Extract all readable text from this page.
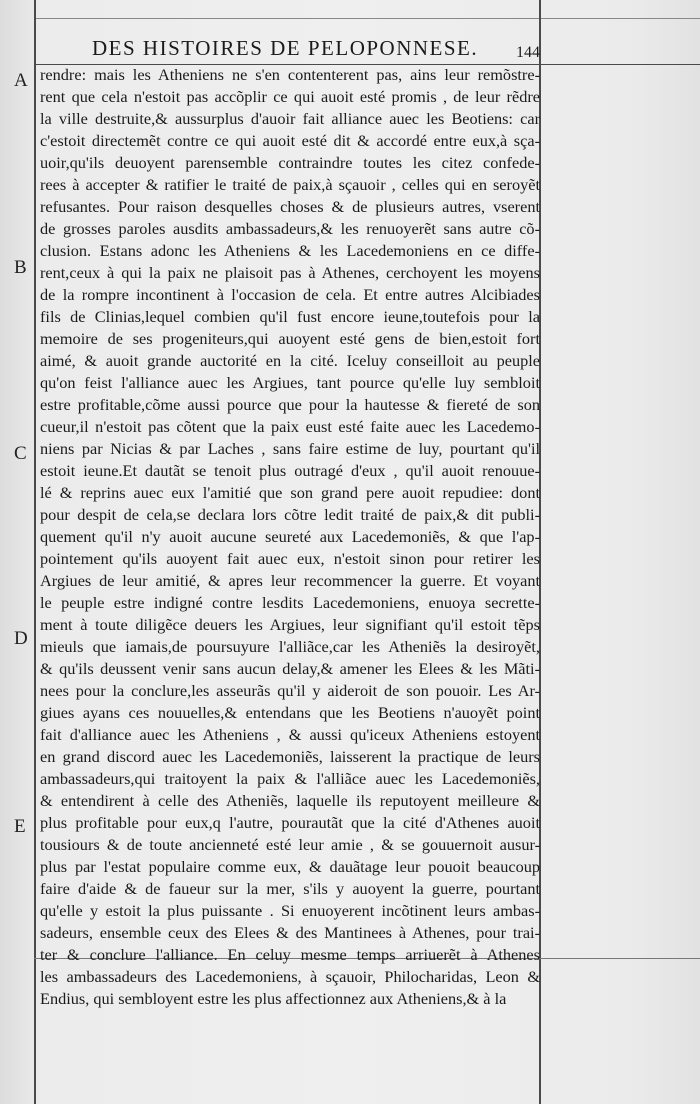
DES HISTOIRES DE PELOPONNESE. 144
A
B
C
D
E
rendre: mais les Atheniens ne s'en contenterent pas, ains leur remõstre-
rent que cela n'estoit pas accõplir ce qui auoit esté promis , de leur rẽdre
la ville destruite,& aussurplus d'auoir fait alliance auec les Beotiens: car
c'estoit directemẽt contre ce qui auoit esté dit & accordé entre eux,à sça-
uoir,qu'ils deuoyent parensemble contraindre toutes les citez confede-
rees à accepter & ratifier le traité de paix,à sçauoir , celles qui en seroyẽt
refusantes. Pour raison desquelles choses & de plusieurs autres, vserent
de grosses paroles ausdits ambassadeurs,& les renuoyerẽt sans autre cõ-
clusion. Estans adonc les Atheniens & les Lacedemoniens en ce diffe-
rent,ceux à qui la paix ne plaisoit pas à Athenes, cerchoyent les moyens
de la rompre incontinent à l'occasion de cela. Et entre autres Alcibiades
fils de Clinias,lequel combien qu'il fust encore ieune,toutefois pour la
memoire de ses progeniteurs,qui auoyent esté gens de bien,estoit fort
aimé, & auoit grande auctorité en la cité. Iceluy conseilloit au peuple
qu'on feist l'alliance auec les Argiues, tant pource qu'elle luy sembloit
estre profitable,cõme aussi pource que pour la hautesse & fiereté de son
cueur,il n'estoit pas cõtent que la paix eust esté faite auec les Lacedemo-
niens par Nicias & par Laches , sans faire estime de luy, pourtant qu'il
estoit ieune.Et dautãt se tenoit plus outragé d'eux , qu'il auoit renouue-
lé & reprins auec eux l'amitié que son grand pere auoit repudiee: dont
pour despit de cela,se declara lors cõtre ledit traité de paix,& dit publi-
quement qu'il n'y auoit aucune seureté aux Lacedemoniẽs, & que l'ap-
pointement qu'ils auoyent fait auec eux, n'estoit sinon pour retirer les
Argiues de leur amitié, & apres leur recommencer la guerre. Et voyant
le peuple estre indigné contre lesdits Lacedemoniens, enuoya secrette-
ment à toute diligẽce deuers les Argiues, leur signifiant qu'il estoit tẽps
mieuls que iamais,de poursuyure l'alliãce,car les Atheniẽs la desiroyẽt,
& qu'ils deussent venir sans aucun delay,& amener les Elees & les Mãti-
nees pour la conclure,les asseurãs qu'il y aideroit de son pouoir. Les Ar-
giues ayans ces nouuelles,& entendans que les Beotiens n'auoyẽt point
fait d'alliance auec les Atheniens , & aussi qu'iceux Atheniens estoyent
en grand discord auec les Lacedemoniẽs, laisserent la practique de leurs
ambassadeurs,qui traitoyent la paix & l'alliãce auec les Lacedemoniẽs,
& entendirent à celle des Atheniẽs, laquelle ils reputoyent meilleure &
plus profitable pour eux,q l'autre, pourautãt que la cité d'Athenes auoit
tousiours & de toute ancienneté esté leur amie , & se gouuernoit ausur-
plus par l'estat populaire comme eux, & dauãtage leur pouoit beaucoup
faire d'aide & de faueur sur la mer, s'ils y auoyent la guerre, pourtant
qu'elle y estoit la plus puissante . Si enuoyerent incõtinent leurs ambas-
sadeurs, ensemble ceux des Elees & des Mantinees à Athenes, pour trai-
ter & conclure l'alliance. En celuy mesme temps arriuerẽt à Athenes
les ambassadeurs des Lacedemoniens, à sçauoir, Philocharidas, Leon &
Endius, qui sembloyent estre les plus affectionnez aux Atheniens,& à la
